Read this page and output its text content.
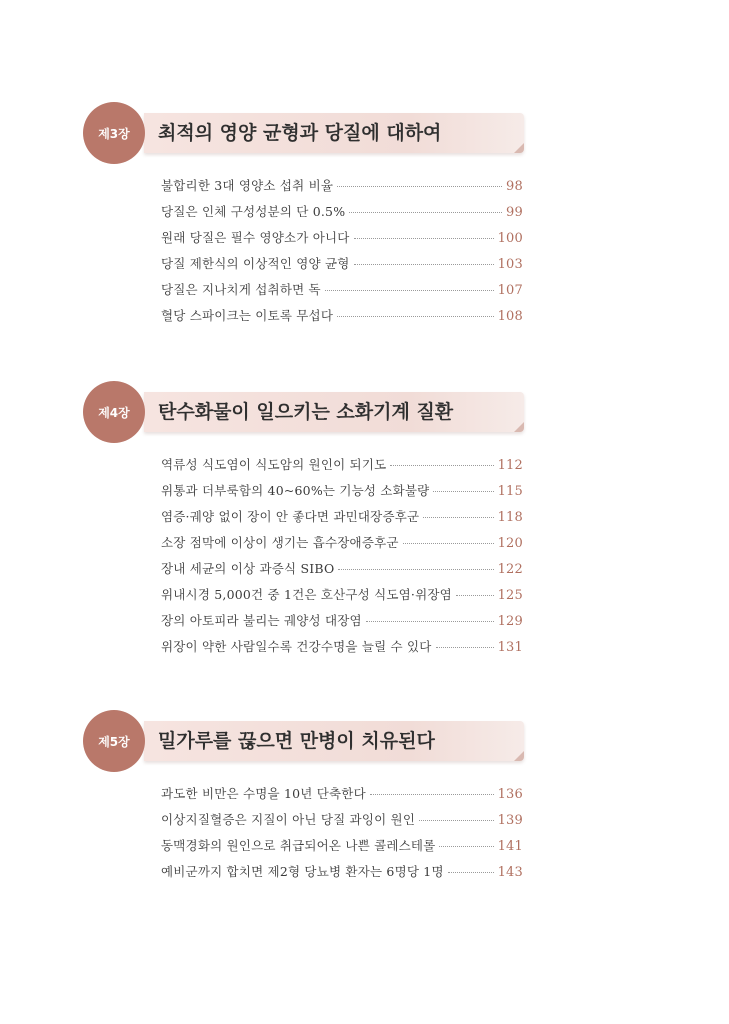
제3장	최적의 영양 균형과 당질에 대하여
불합리한 3대 영양소 섭취 비율	98
당질은 인체 구성성분의 단 0.5%	99
원래 당질은 필수 영양소가 아니다	100
당질 제한식의 이상적인 영양 균형	103
당질은 지나치게 섭취하면 독	107
혈당 스파이크는 이토록 무섭다	108
제4장	탄수화물이 일으키는 소화기계 질환
역류성 식도염이 식도암의 원인이 되기도	112
위통과 더부룩함의 40~60%는 기능성 소화불량	115
염증·궤양 없이 장이 안 좋다면 과민대장증후군	118
소장 점막에 이상이 생기는 흡수장애증후군	120
장내 세균의 이상 과증식 SIBO	122
위내시경 5,000건 중 1건은 호산구성 식도염·위장염	125
장의 아토피라 불리는 궤양성 대장염	129
위장이 약한 사람일수록 건강수명을 늘릴 수 있다	131
제5장	밀가루를 끊으면 만병이 치유된다
과도한 비만은 수명을 10년 단축한다	136
이상지질혈증은 지질이 아닌 당질 과잉이 원인	139
동맥경화의 원인으로 취급되어온 나쁜 콜레스테롤	141
예비군까지 합치면 제2형 당뇨병 환자는 6명당 1명	143
